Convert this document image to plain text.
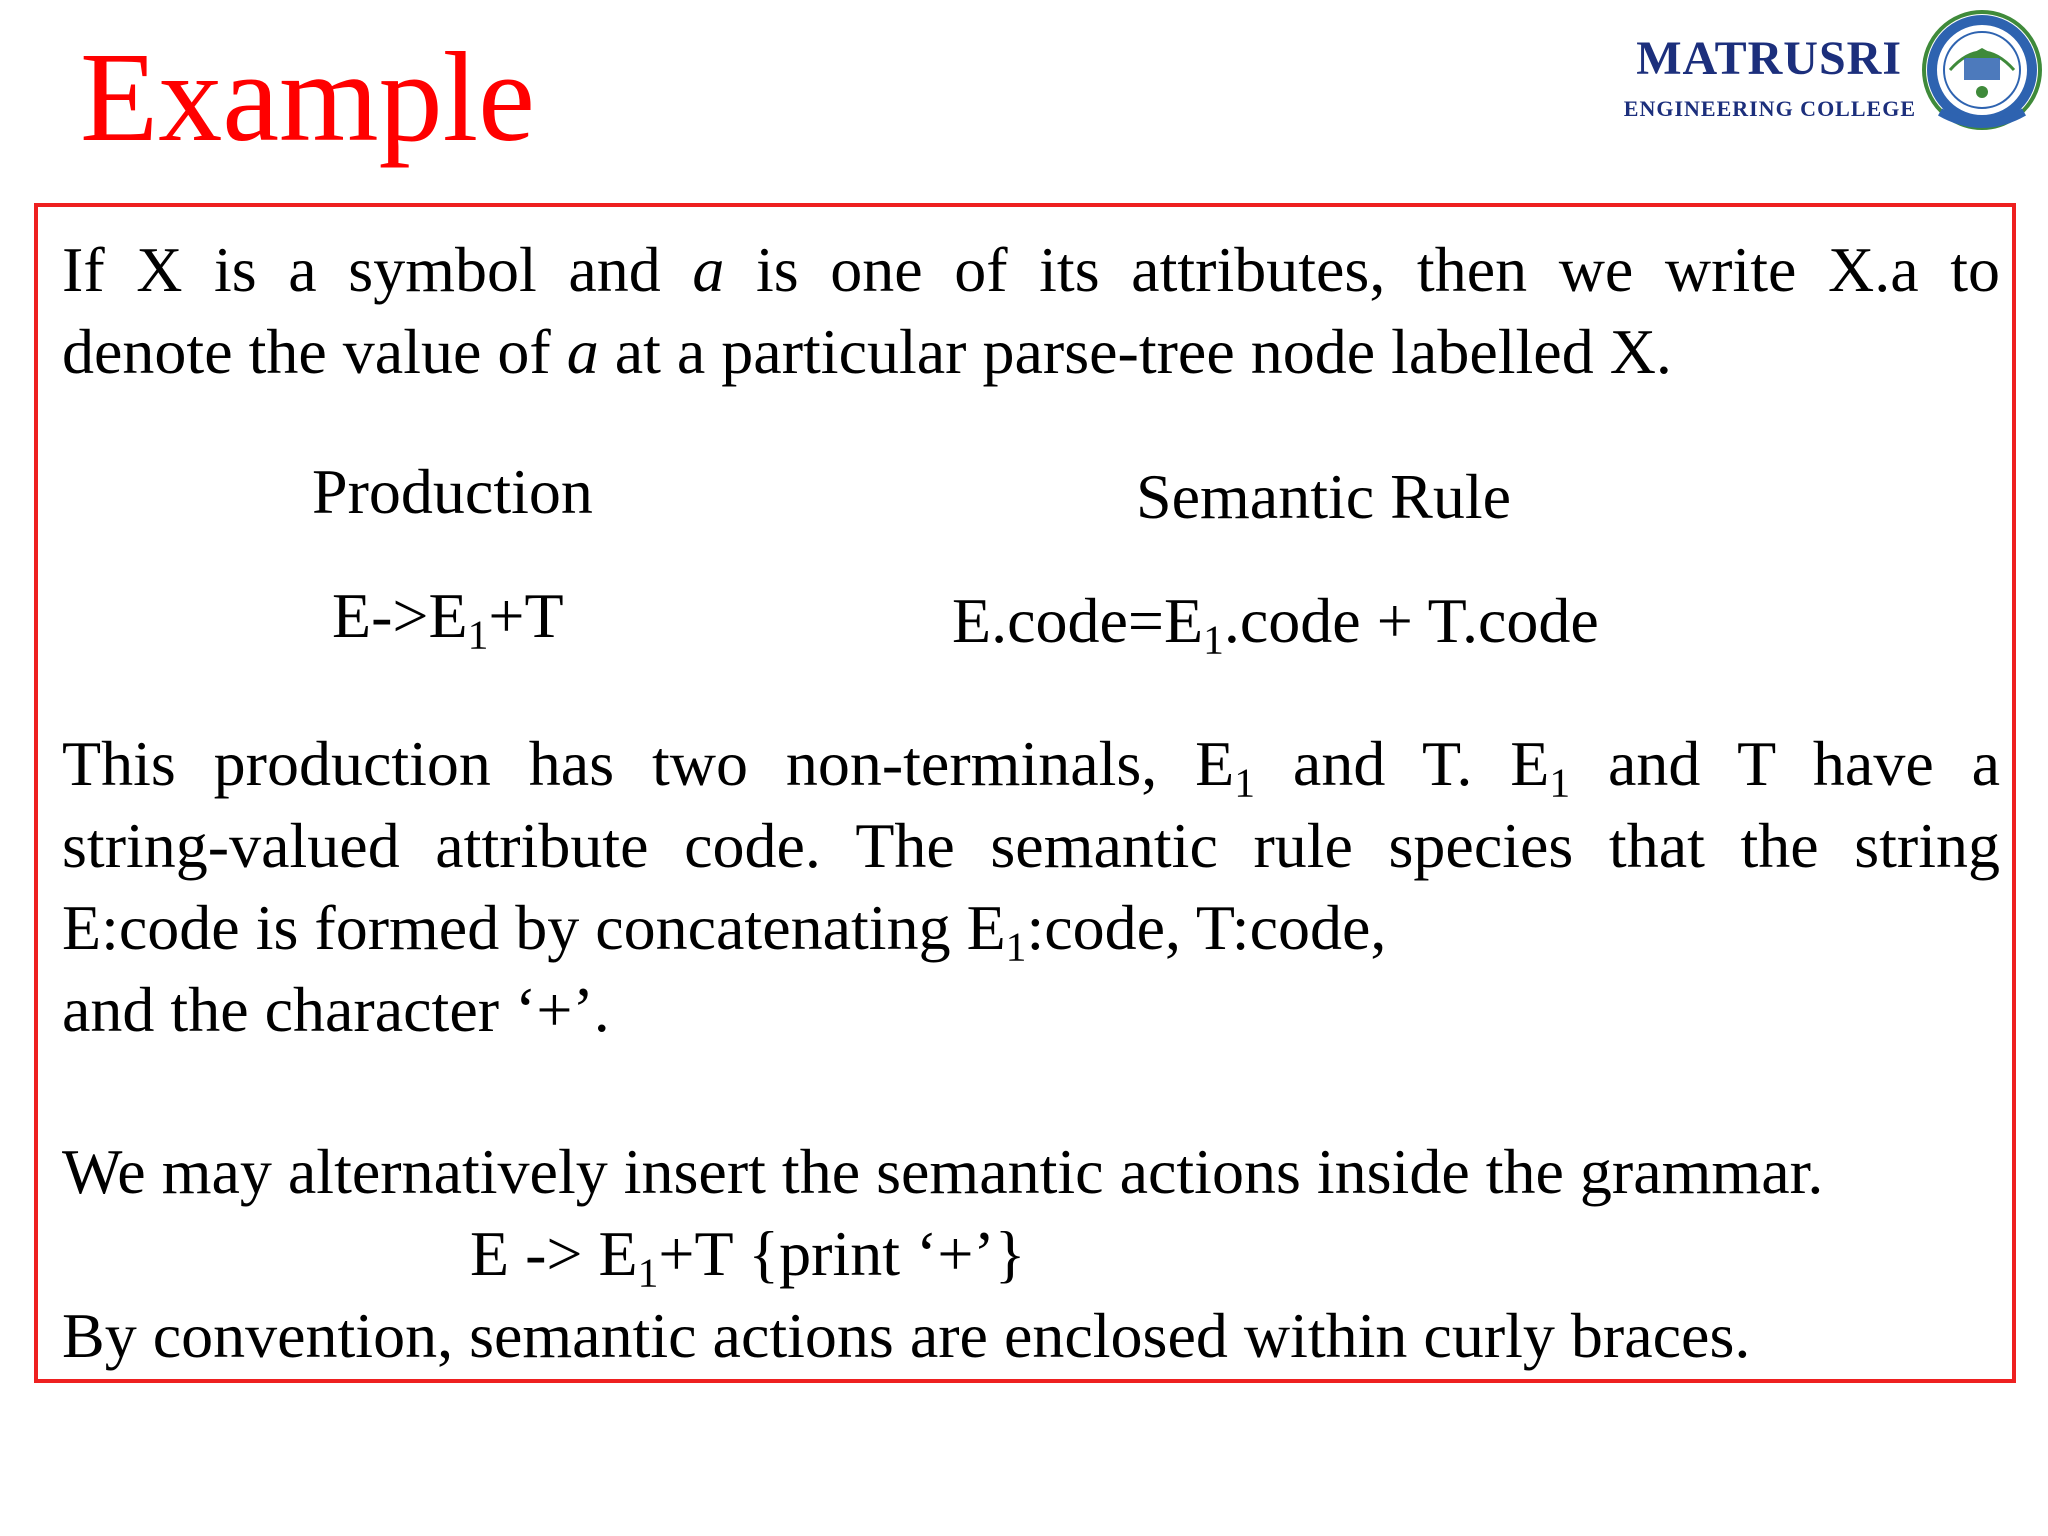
Example	MATRUSRI
ENGINEERING COLLEGE
If X is a symbol and a is one of its attributes, then we write X.a to
denote the value of a at a particular parse-tree node labelled X.
Production	Semantic Rule
$E->E_1+T$	$E.code=E_1.code$ + T.code
This production has two non-terminals, $E_1$ and T. $E_1$ and T have a
string-valued attribute code. The semantic rule species that the string
E:code is formed by concatenating $E_1:code$, T:code,
and the character ‘+’.
We may alternatively insert the semantic actions inside the grammar.
$E -> E_1+T$ {print ‘+’}
By convention, semantic actions are enclosed within curly braces.
